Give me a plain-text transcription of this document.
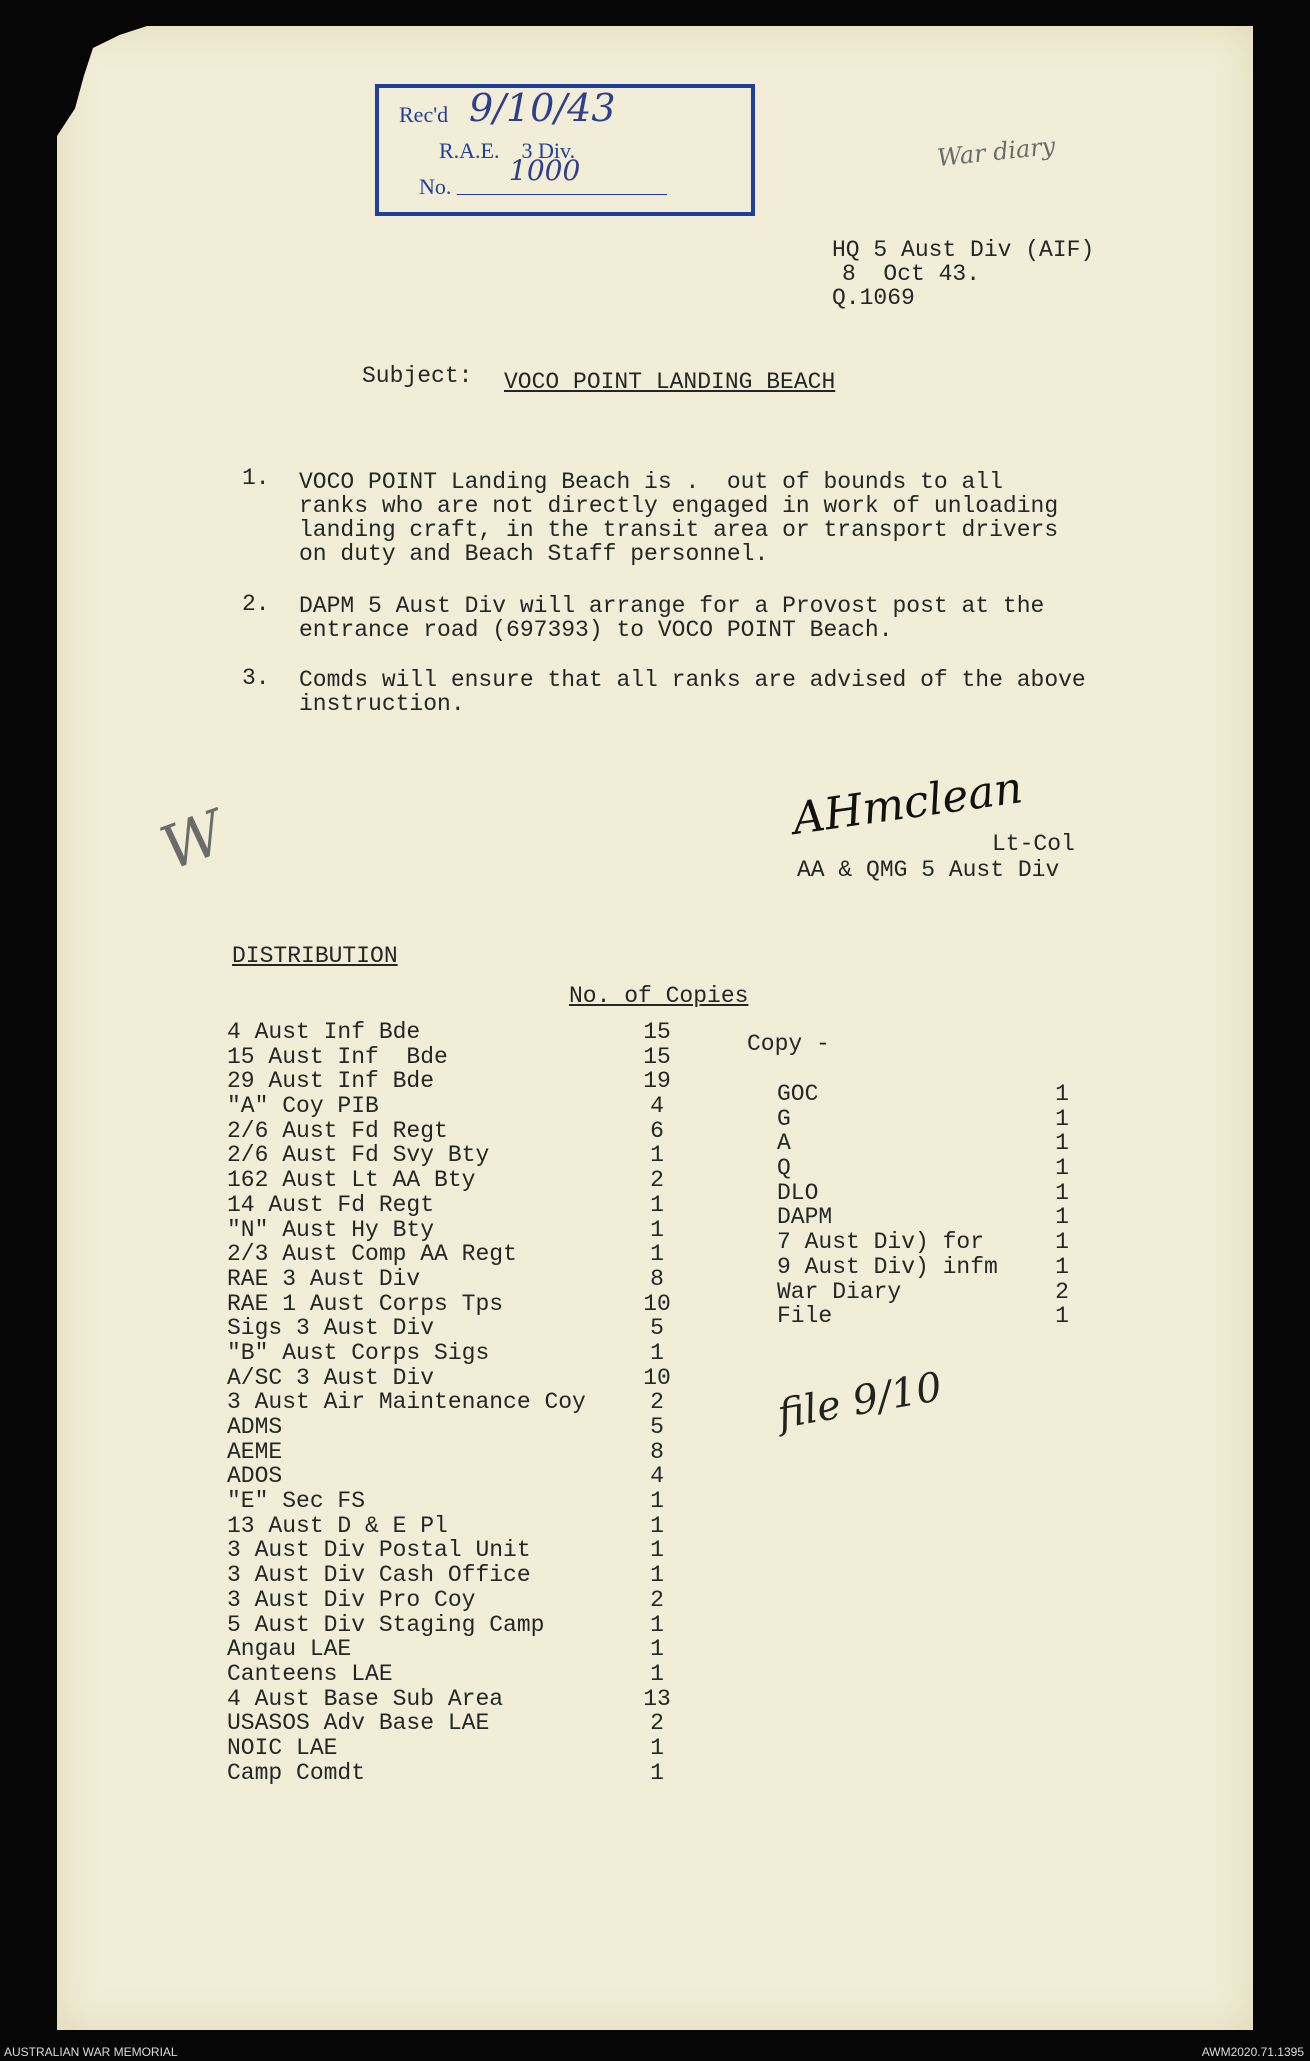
Rec'd 9/10/43
R.A.E.    3 Div.
No. 1000	War diary
HQ 5 Aust Div (AIF)
8  Oct 43.
Q.1069
Subject: VOCO POINT LANDING BEACH
1. VOCO POINT Landing Beach is .  out of bounds to all
ranks who are not directly engaged in work of unloading
landing craft, in the transit area or transport drivers
on duty and Beach Staff personnel.
2. DAPM 5 Aust Div will arrange for a Provost post at the
entrance road (697393) to VOCO POINT Beach.
3. Comds will ensure that all ranks are advised of the above
instruction.
AHmclean
Lt-Col
AA & QMG 5 Aust Div
W
DISTRIBUTION
No. of Copies
4 Aust Inf Bde
15 Aust Inf  Bde
29 Aust Inf Bde
"A" Coy PIB
2/6 Aust Fd Regt
2/6 Aust Fd Svy Bty
162 Aust Lt AA Bty
14 Aust Fd Regt
"N" Aust Hy Bty
2/3 Aust Comp AA Regt
RAE 3 Aust Div
RAE 1 Aust Corps Tps
Sigs 3 Aust Div
"B" Aust Corps Sigs
A/SC 3 Aust Div
3 Aust Air Maintenance Coy
ADMS
AEME
ADOS
"E" Sec FS
13 Aust D & E Pl
3 Aust Div Postal Unit
3 Aust Div Cash Office
3 Aust Div Pro Coy
5 Aust Div Staging Camp
Angau LAE
Canteens LAE
4 Aust Base Sub Area
USASOS Adv Base LAE
NOIC LAE
Camp Comdt
15
15
19
4
6
1
2
1
1
1
8
10
5
1
10
2
5
8
4
1
1
1
1
2
1
1
1
13
2
1
1
Copy -
GOC
G
A
Q
DLO
DAPM
7 Aust Div) for
9 Aust Div) infm
War Diary
File
1
1
1
1
1
1
1
1
2
1
file 9/10
AUSTRALIAN WAR MEMORIAL	AWM2020.71.1395
